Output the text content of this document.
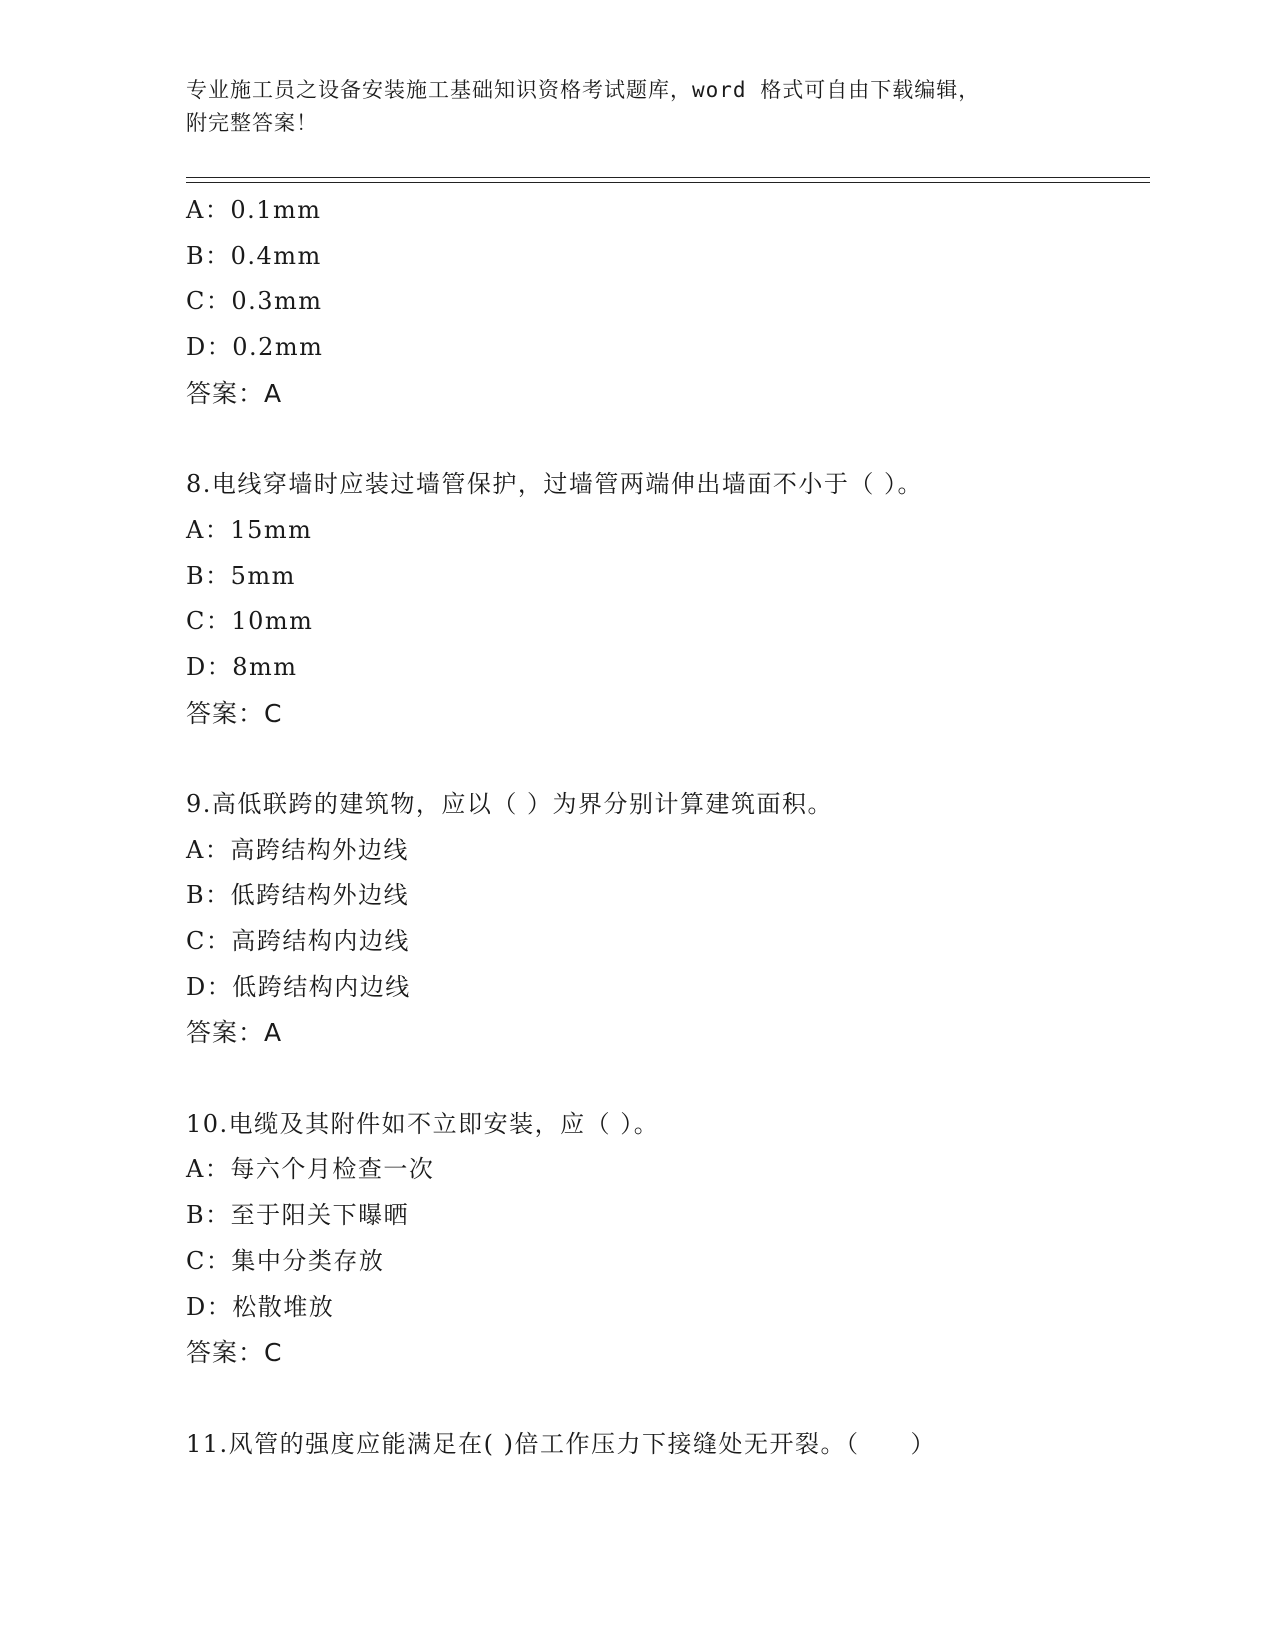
专业施工员之设备安装施工基础知识资格考试题库，word 格式可自由下载编辑，
附完整答案！
A：0.1mm
B：0.4mm
C：0.3mm
D：0.2mm
答案：A
8.电线穿墙时应装过墙管保护，过墙管两端伸出墙面不小于（ ）。
A：15mm
B：5mm
C：10mm
D：8mm
答案：C
9.高低联跨的建筑物，应以（ ）为界分别计算建筑面积。
A：高跨结构外边线
B：低跨结构外边线
C：高跨结构内边线
D：低跨结构内边线
答案：A
10.电缆及其附件如不立即安装，应（ ）。
A：每六个月检查一次
B：至于阳关下曝晒
C：集中分类存放
D：松散堆放
答案：C
11.风管的强度应能满足在( )倍工作压力下接缝处无开裂。（　　）
